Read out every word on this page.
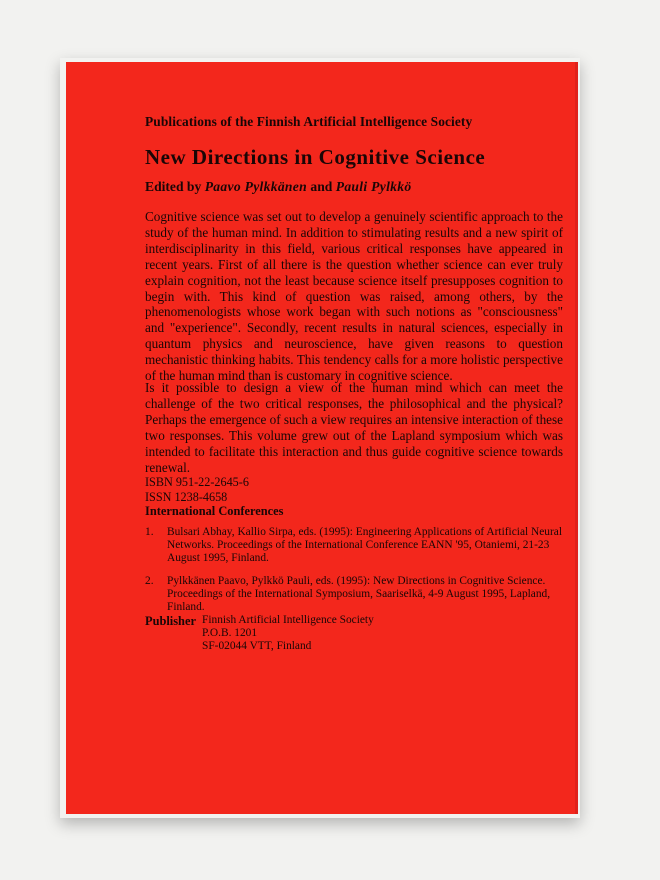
Publications of the Finnish Artificial Intelligence Society
New Directions in Cognitive Science
Edited by Paavo Pylkkänen and Pauli Pylkkö
Cognitive science was set out to develop a genuinely scientific approach to the study of the human mind. In addition to stimulating results and a new spirit of interdisciplinarity in this field, various critical responses have appeared in recent years. First of all there is the question whether science can ever truly explain cognition, not the least because science itself presupposes cognition to begin with. This kind of question was raised, among others, by the phenomenologists whose work began with such notions as "consciousness" and "experience". Secondly, recent results in natural sciences, especially in quantum physics and neuroscience, have given reasons to question mechanistic thinking habits. This tendency calls for a more holistic perspective of the human mind than is customary in cognitive science.
Is it possible to design a view of the human mind which can meet the challenge of the two critical responses, the philosophical and the physical? Perhaps the emergence of such a view requires an intensive interaction of these two responses. This volume grew out of the Lapland symposium which was intended to facilitate this interaction and thus guide cognitive science towards renewal.
ISBN 951-22-2645-6
ISSN 1238-4658
International Conferences
1.	Bulsari Abhay, Kallio Sirpa, eds. (1995): Engineering Applications of Artificial Neural Networks. Proceedings of the International Conference EANN '95, Otaniemi, 21-23 August 1995, Finland.
2.	Pylkkänen Paavo, Pylkkö Pauli, eds. (1995): New Directions in Cognitive Science. Proceedings of the International Symposium, Saariselkä, 4-9 August 1995, Lapland, Finland.
Publisher Finnish Artificial Intelligence Society
P.O.B. 1201
SF-02044 VTT, Finland
